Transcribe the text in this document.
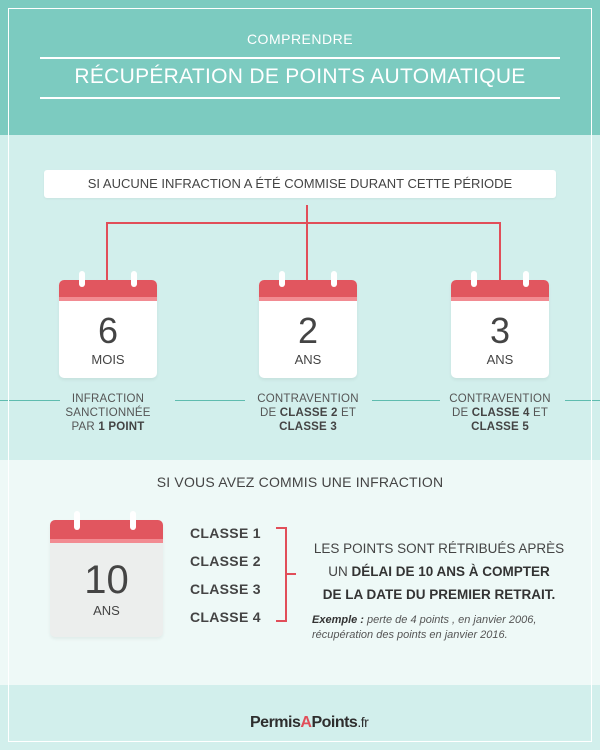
COMPRENDRE
RÉCUPÉRATION DE POINTS AUTOMATIQUE
SI AUCUNE INFRACTION A ÉTÉ COMMISE DURANT CETTE PÉRIODE
6
MOIS
INFRACTION
SANCTIONNÉE
PAR 1 POINT
2
ANS
CONTRAVENTION
DE CLASSE 2 ET
CLASSE 3
3
ANS
CONTRAVENTION
DE CLASSE 4 ET
CLASSE 5
SI VOUS AVEZ COMMIS UNE INFRACTION
10
ANS
CLASSE 1
CLASSE 2
CLASSE 3
CLASSE 4
LES POINTS SONT RÉTRIBUÉS APRÈS
UN DÉLAI DE 10 ANS À COMPTER
DE LA DATE DU PREMIER RETRAIT.
Exemple : perte de 4 points , en janvier 2006,
récupération des points en janvier 2016.
PermisAPoints.fr
